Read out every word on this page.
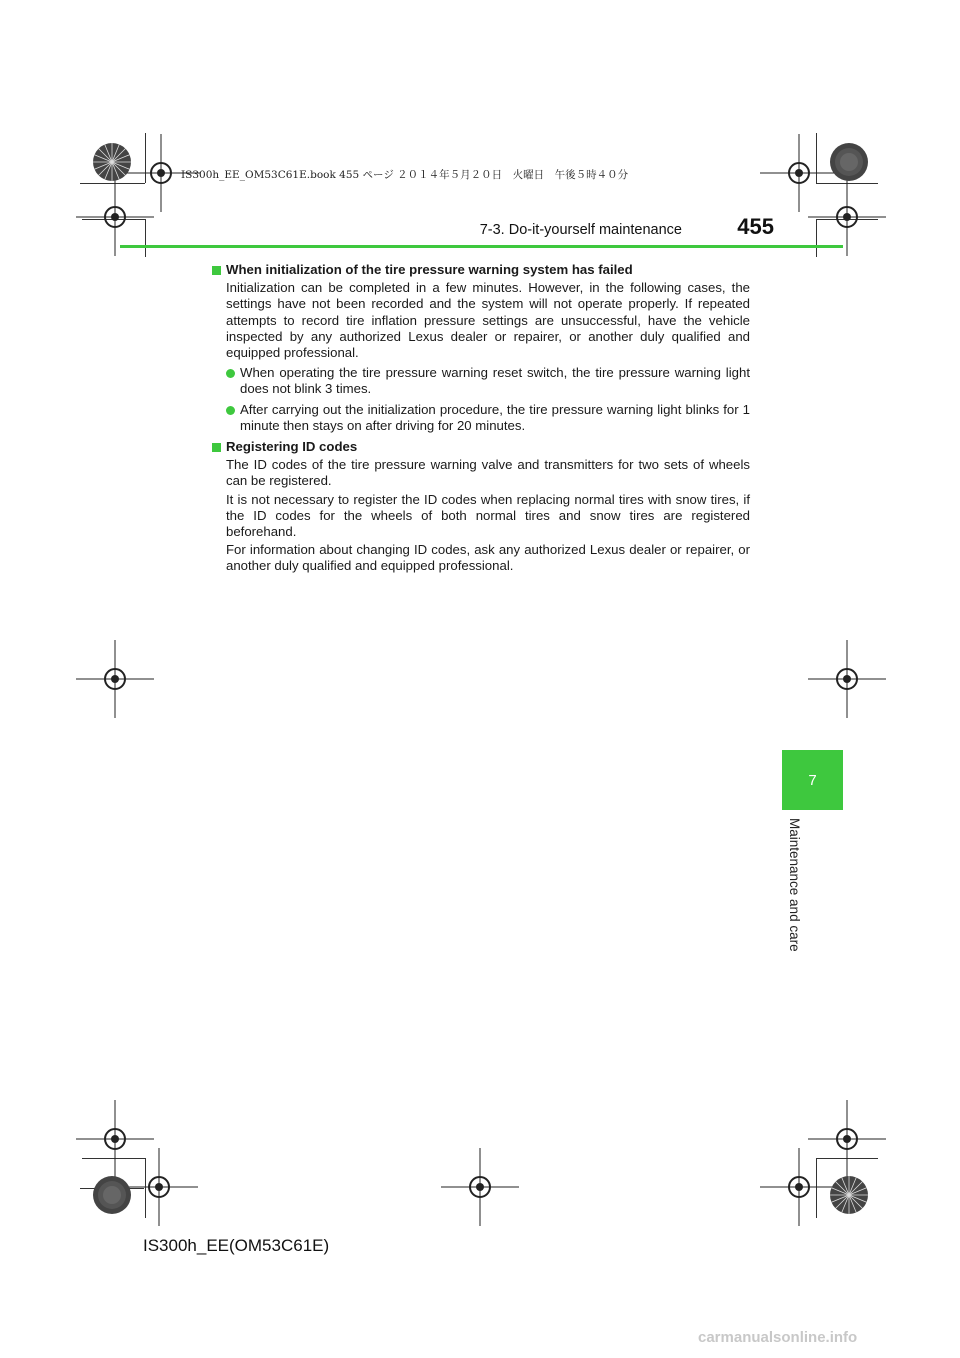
IS300h_EE_OM53C61E.book 455 ページ ２０１４年５月２０日　火曜日　午後５時４０分
7-3. Do-it-yourself maintenance	455
When initialization of the tire pressure warning system has failed
Initialization can be completed in a few minutes. However, in the following cases, the settings have not been recorded and the system will not operate properly. If repeated attempts to record tire inflation pressure settings are unsuccessful, have the vehicle inspected by any authorized Lexus dealer or repairer, or another duly qualified and equipped professional.
When operating the tire pressure warning reset switch, the tire pressure warning light does not blink 3 times.
After carrying out the initialization procedure, the tire pressure warning light blinks for 1 minute then stays on after driving for 20 minutes.
Registering ID codes
The ID codes of the tire pressure warning valve and transmitters for two sets of wheels can be registered.
It is not necessary to register the ID codes when replacing normal tires with snow tires, if the ID codes for the wheels of both normal tires and snow tires are registered beforehand.
For information about changing ID codes, ask any authorized Lexus dealer or repairer, or another duly qualified and equipped professional.
7
Maintenance and care
IS300h_EE(OM53C61E)
carmanualsonline.info
